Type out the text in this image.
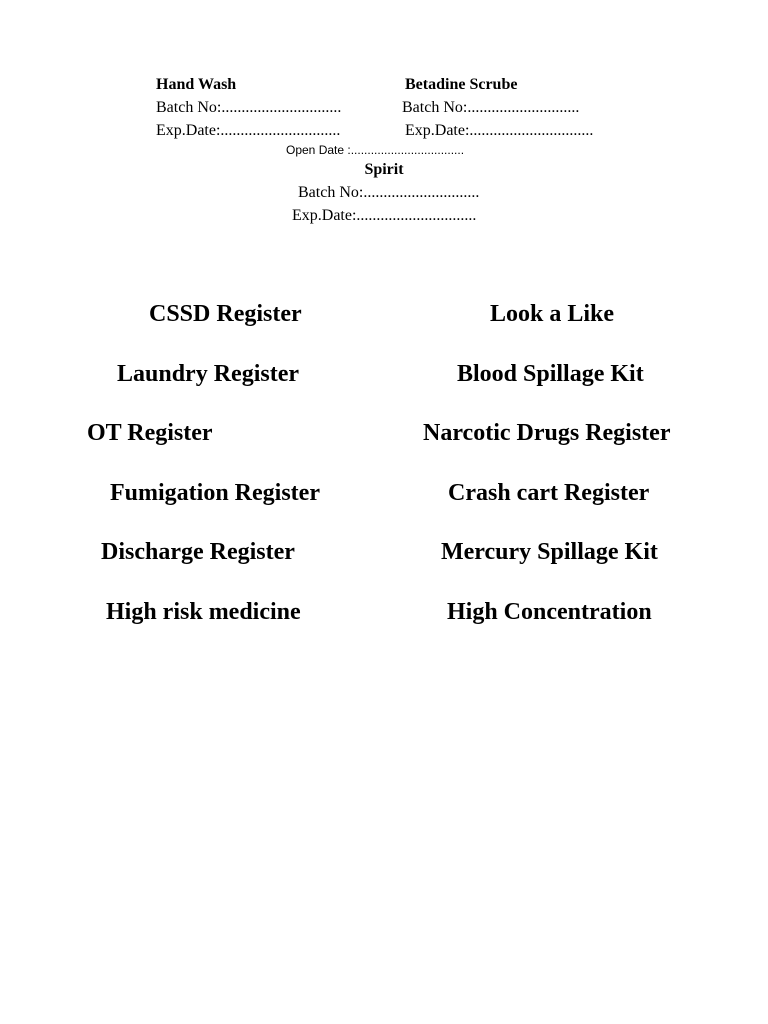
Hand Wash
Batch No:..............................
Exp.Date:..............................
Betadine Scrube
Batch No:............................
Exp.Date:...............................
Open Date :..................................
Spirit
Batch No:.............................
Exp.Date:..............................
CSSD Register
Laundry Register
OT Register
Fumigation Register
Discharge Register
High risk medicine
Look a Like
Blood Spillage Kit
Narcotic Drugs Register
Crash cart Register
Mercury Spillage Kit
High Concentration
